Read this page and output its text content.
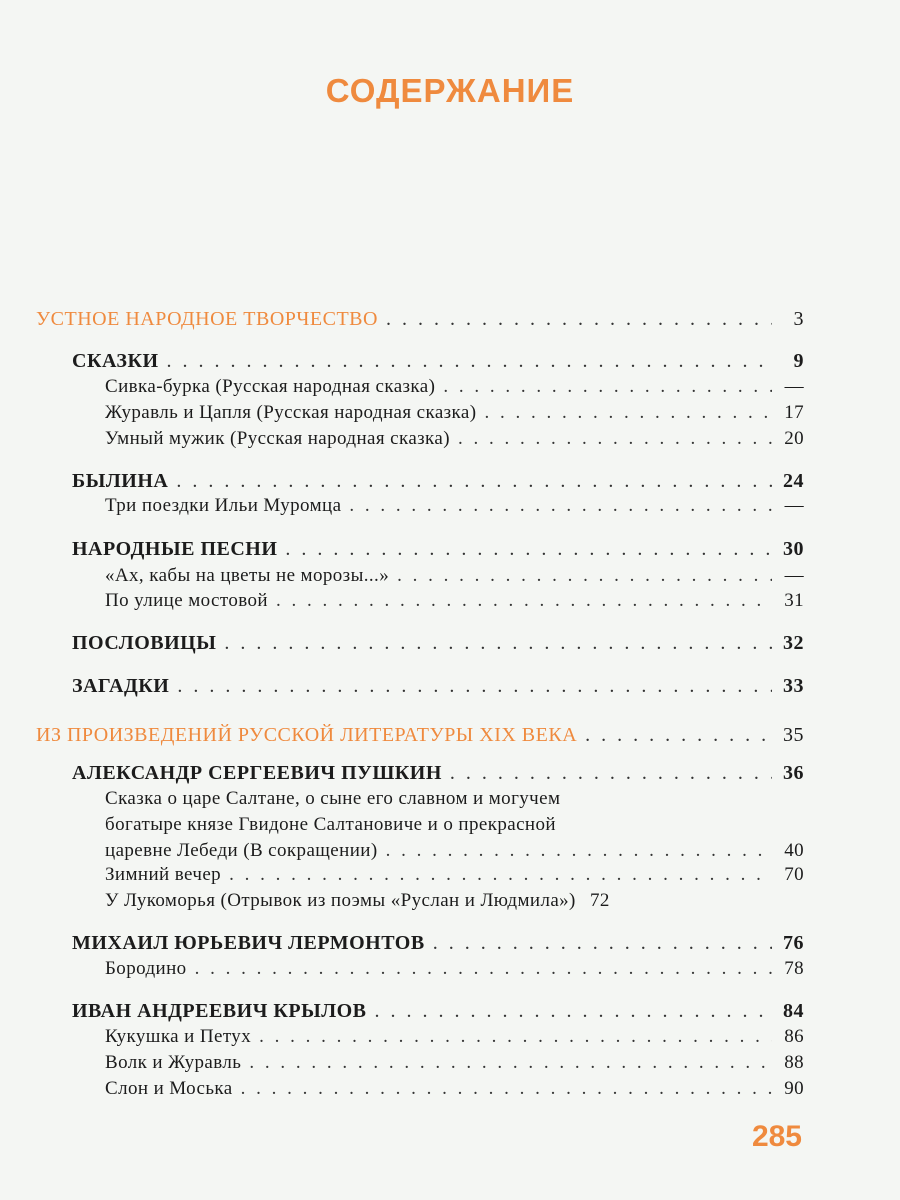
СОДЕРЖАНИЕ
УСТНОЕ НАРОДНОЕ ТВОРЧЕСТВО . . .	3
СКАЗКИ . . .	9
Сивка-бурка (Русская народная сказка) . . .	—
Журавль и Цапля (Русская народная сказка) . . .	17
Умный мужик (Русская народная сказка) . . .	20
БЫЛИНА . . .	24
Три поездки Ильи Муромца . . .	—
НАРОДНЫЕ ПЕСНИ . . .	30
«Ах, кабы на цветы не морозы...» . . .	—
По улице мостовой . . .	31
ПОСЛОВИЦЫ . . .	32
ЗАГАДКИ . . .	33
ИЗ ПРОИЗВЕДЕНИЙ РУССКОЙ ЛИТЕРАТУРЫ XIX ВЕКА . . .	35
АЛЕКСАНДР СЕРГЕЕВИЧ ПУШКИН . . .	36
Сказка о царе Салтане, о сыне его славном и могучем
богатыре князе Гвидоне Салтановиче и о прекрасной
царевне Лебеди (В сокращении) . . .	40
Зимний вечер . . .	70
У Лукоморья (Отрывок из поэмы «Руслан и Людмила») 72
МИХАИЛ ЮРЬЕВИЧ ЛЕРМОНТОВ . . .	76
Бородино . . .	78
ИВАН АНДРЕЕВИЧ КРЫЛОВ . . .	84
Кукушка и Петух . . .	86
Волк и Журавль . . .	88
Слон и Моська . . .	90
285
